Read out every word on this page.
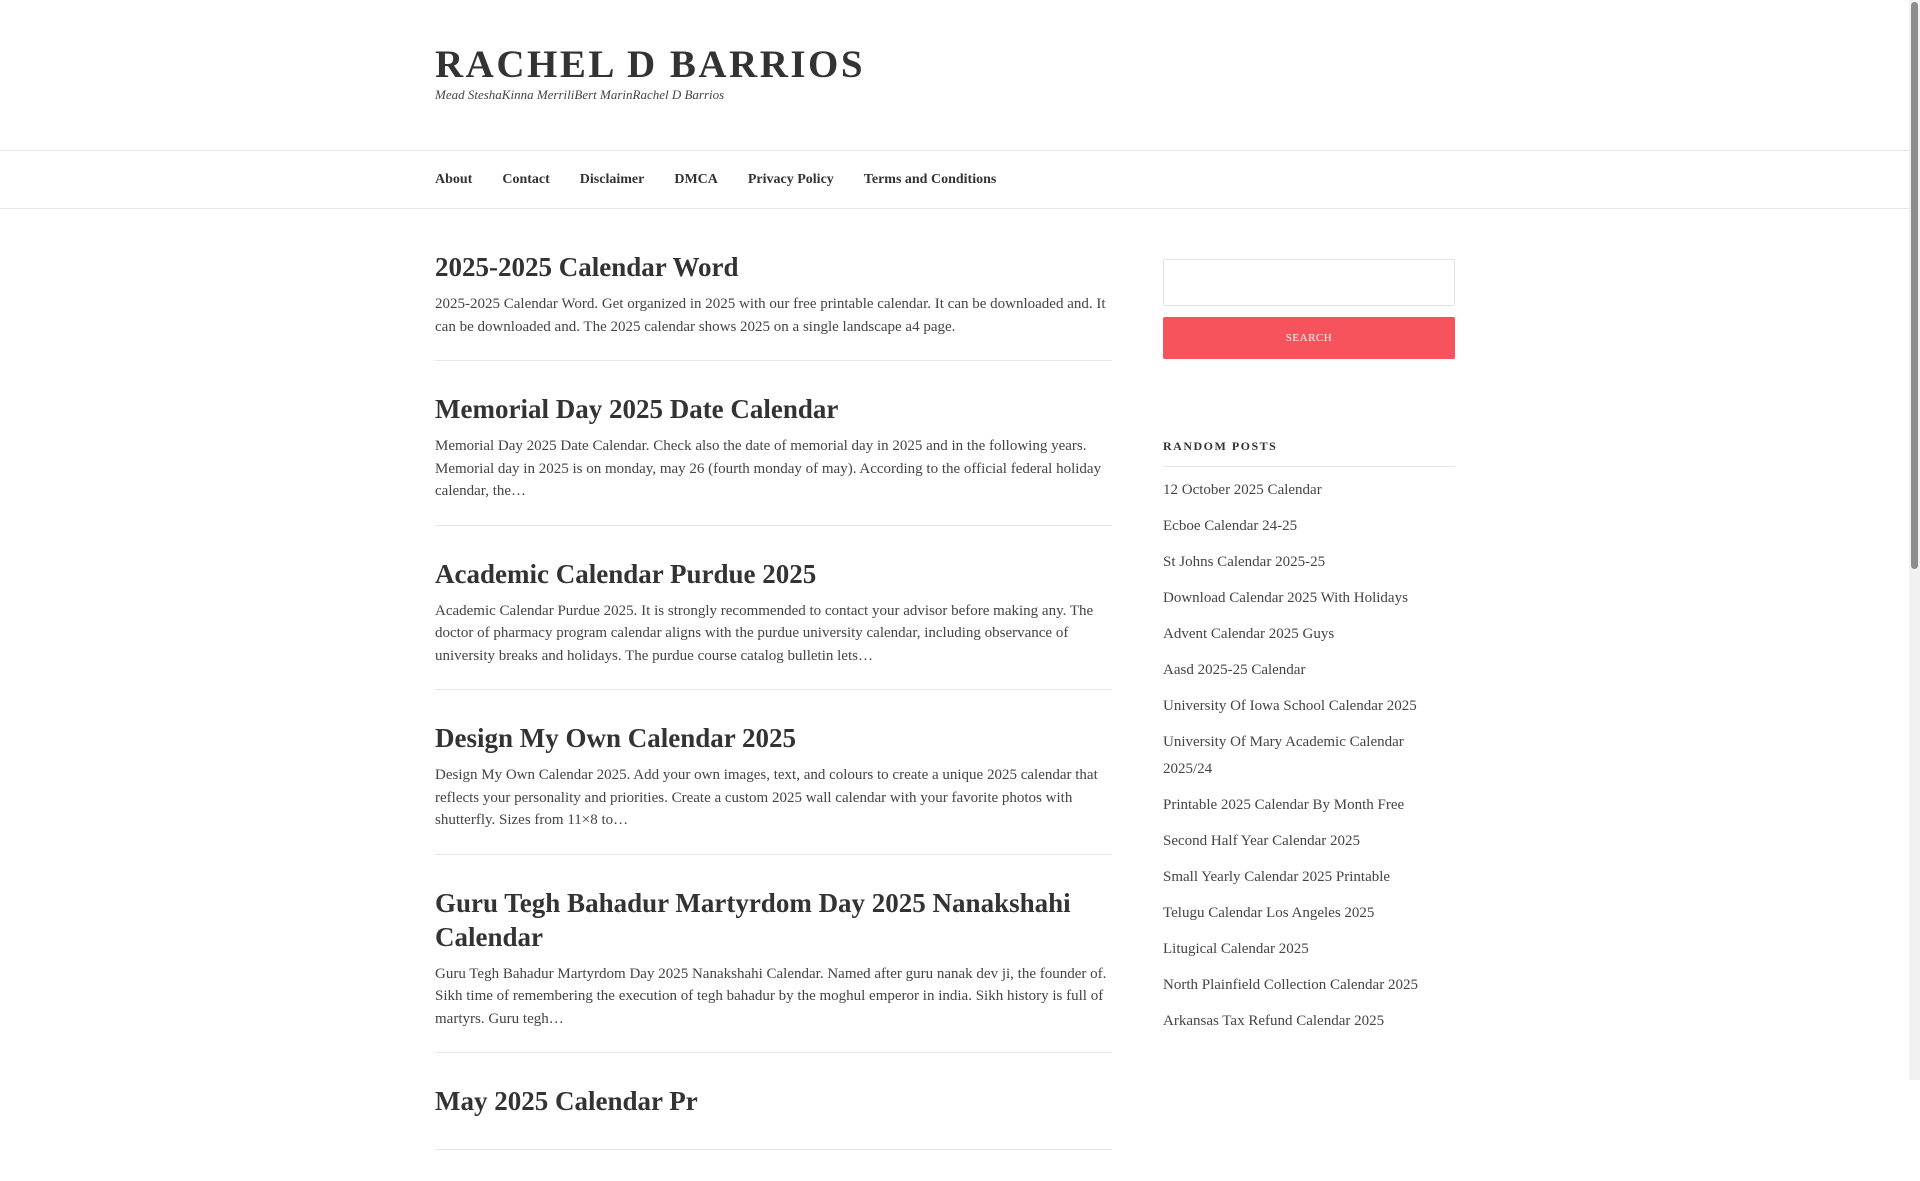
RACHEL D BARRIOS

Mead SteshaKinna MerriliBert MarinRachel D Barrios

About Contact Disclaimer DMCA Privacy Policy Terms and Conditions
2025-2025 Calendar Word

2025-2025 Calendar Word. Get organized in 2025 with our free printable calendar. It can be downloaded and. It can be downloaded and. The 2025 calendar shows 2025 on a single landscape a4 page.

Memorial Day 2025 Date Calendar

Memorial Day 2025 Date Calendar. Check also the date of memorial day in 2025 and in the following years. Memorial day in 2025 is on monday, may 26 (fourth monday of may). According to the official federal holiday calendar, the…

Academic Calendar Purdue 2025

Academic Calendar Purdue 2025. It is strongly recommended to contact your advisor before making any. The doctor of pharmacy program calendar aligns with the purdue university calendar, including observance of university breaks and holidays. The purdue course catalog bulletin lets…

Design My Own Calendar 2025

Design My Own Calendar 2025. Add your own images, text, and colours to create a unique 2025 calendar that reflects your personality and priorities. Create a custom 2025 wall calendar with your favorite photos with shutterfly. Sizes from 11×8 to…

Guru Tegh Bahadur Martyrdom Day 2025 Nanakshahi Calendar

Guru Tegh Bahadur Martyrdom Day 2025 Nanakshahi Calendar. Named after guru nanak dev ji, the founder of. Sikh time of remembering the execution of tegh bahadur by the moghul emperor in india. Sikh history is full of martyrs. Guru tegh…

May 2025 Calendar Pr

SEARCH
RANDOM POSTS
12 October 2025 Calendar
Ecboe Calendar 24-25
St Johns Calendar 2025-25
Download Calendar 2025 With Holidays
Advent Calendar 2025 Guys
Aasd 2025-25 Calendar
University Of Iowa School Calendar 2025
University Of Mary Academic Calendar 2025/24
Printable 2025 Calendar By Month Free
Second Half Year Calendar 2025
Small Yearly Calendar 2025 Printable
Telugu Calendar Los Angeles 2025
Litugical Calendar 2025
North Plainfield Collection Calendar 2025
Arkansas Tax Refund Calendar 2025
